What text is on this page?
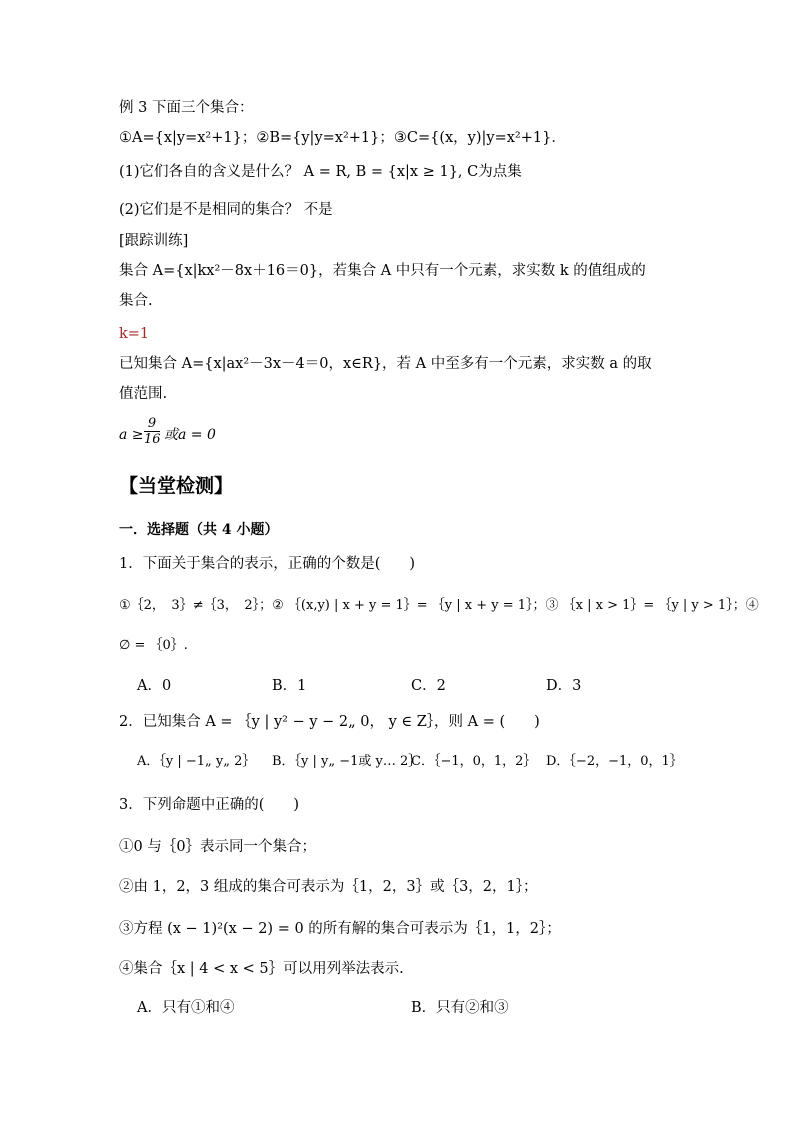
例 3 下面三个集合：
①A={x|y=x²+1}；②B={y|y=x²+1}；③C={(x，y)|y=x²+1}．
(1)它们各自的含义是什么？ A = R, B = {x|x ≥ 1}, C为点集
(2)它们是不是相同的集合？ 不是
[跟踪训练]
集合 A={x|kx²－8x＋16＝0}，若集合 A 中只有一个元素，求实数 k 的值组成的
集合.
k=1
已知集合 A={x|ax²－3x－4＝0，x∈R}，若 A 中至多有一个元素，求实数 a 的取
值范围.
$a \ge \frac{9}{16}$ 或a = 0
【当堂检测】
一．选择题（共 4 小题）
1．下面关于集合的表示，正确的个数是(　　)
①｛2，　3｝≠｛3，　2｝；② ｛(x,y) | x + y = 1｝= ｛y | x + y = 1｝；③ ｛x | x > 1｝= ｛y | y > 1｝；④
∅ = ｛0｝.
A．0	B．1	C．2	D．3
2．已知集合 A = ｛y | y² − y − 2„ 0， y ∈ Z｝，则 A = (　　)
A．｛y | −1„ y„ 2｝ B．｛y | y„ −1或 y… 2｝
C．｛−1，0，1，2｝ D．｛−2，−1，0，1｝
3．下列命题中正确的(　　)
①0 与｛0｝表示同一个集合；
②由 1，2，3 组成的集合可表示为｛1，2，3｝或｛3，2，1｝；
③方程 (x − 1)²(x − 2) = 0 的所有解的集合可表示为｛1，1，2｝；
④集合｛x | 4 < x < 5｝可以用列举法表示.
A．只有①和④	B．只有②和③
